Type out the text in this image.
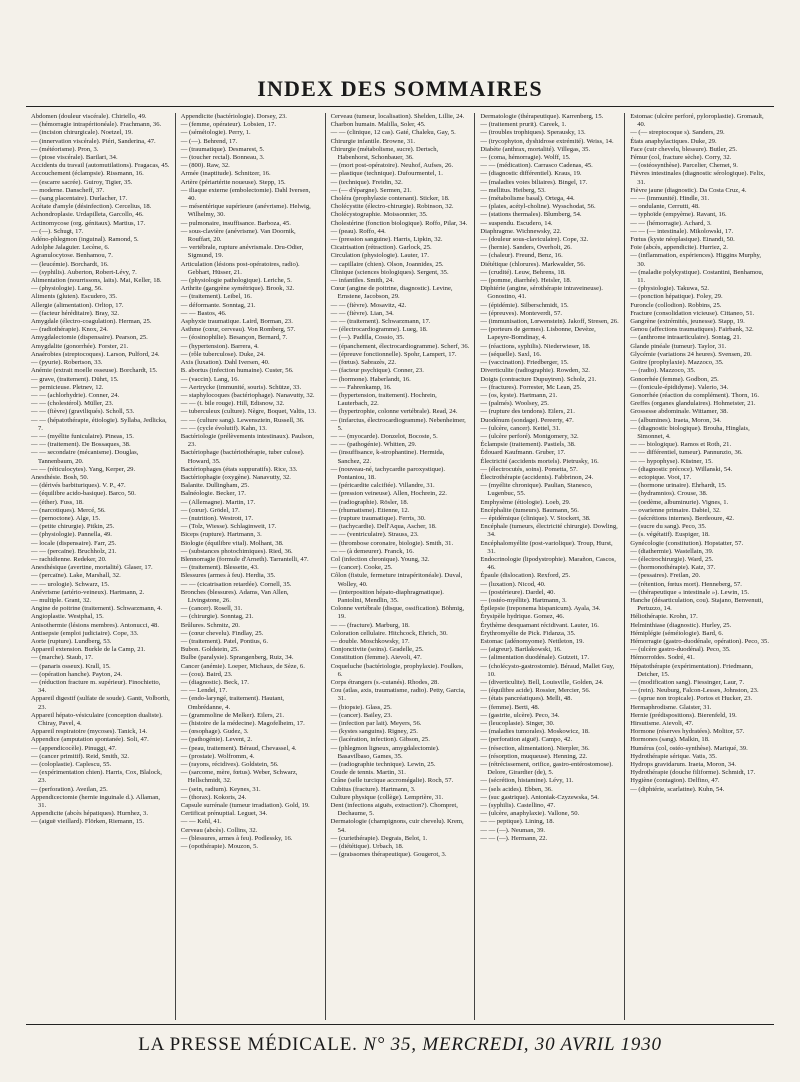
INDEX DES SOMMAIRES

Abdomen (douleur viscérale). Chiriello, 49.

— (hémorragie intrapéritonéale). Frachmann, 36.

— (incision chirurgicale). Noetzel, 19.

— (innervation viscérale). Piéri, Sanderina, 47.

— (météorisme). Pron, 3.

— (ptose viscérale). Barilari, 34.

Accidents du travail (automutilations). Fragacas, 45.

Accouchement (éclampsie). Rissmann, 16.

— (escarre sacrée). Guiroy, Tigier, 35.

— moderne. Danscheff, 37.

— (sang placentaire). Durlacher, 17.

Acétate d'amyle (désinfection). Cercelius, 18.

Achondroplasie. Urdapilleta, Garcollo, 46.

Actinomycose (org. génitaux). Martius, 17.

— (—). Schugt, 17.

Adéno-phlegmon (inguinal). Ramond, 5.

Adolphe Jalaguier. Lecène, 6.

Agranulocytose. Benhamou, 7.

— (leucémie). Borchardt, 16.

— (syphilis). Auberton, Robert-Lévy, 7.

Alimentation (nourrissons, laits). Mai, Keller, 18.

— (physiologie). Lang, 56.

Aliments (gluten). Escudero, 35.

Allergie (alimentation). Orltop, 17.

— (facteur héréditaire). Bray, 32.

Amygdale (électro-coagulation). Herman, 25.

— (radiothérapie). Knox, 24.

Amygdalectomie (dispensaire). Pearson, 25.

Amygdalite (gonorrhée). Forster, 21.

Anaérobies (streptocoques). Larson, Pulford, 24.

— (pyurie). Robertson, 33.

Anémie (extrait moelle osseuse). Borchardt, 15.

— grave, (traitement). Dührt, 15.

— pernicieuse. Pletnev, 12.

— — (achlorhydrie). Conner, 24.

— — (cholestérol). Müller, 23.

— — (fièvre) (graviliqués). Scholl, 53.

— — (hépatothérapie, étiologie). Syllaba, Jedlicka, 7.

— — (myélite funiculaire). Pineas, 15.

— — (traitement). De Bossaques, 38.

— — secondaire (mécanisme). Douglas, Tannenbaum, 20.

— — (réticulocytes). Yang, Kerper, 29.

Anesthésie. Bosh, 50.

— (dérivés barbituriques). V. P., 47.

— (équilibre acido-basique). Barco, 50.

— (éther). Fuss, 18.

— (narcotiques). Mercé, 56.

— (pernoctone). Alge, 15.

— (petite chirurgie). Pitkin, 25.

— (physiologie). Pannella, 49.

— locale (dispensaire). Farr, 25.

— — (percaïne). Bruchholz, 21.

— rachidienne. Redeker, 20.

Anesthésique (avertine, mortalité). Glaser, 17.

— (percaïne). Lake, Marshall, 32.

— — urologie). Schwarz, 15.

Anévrisme (artério-veineux). Hartmann, 2.

— multiple. Grant, 32.

Angine de poitrine (traitement). Schwarzmann, 4.

Angioplastie. Westphal, 15.

Anisothermie (lésions membres). Antonucci, 48.

Antisepsie (emploi judiciaire). Cope, 33.

Aorte (rupture). Lundberg, 53.

Appareil extension. Burkle de la Camp, 21.

— (marche). Staub, 17.

— (panaris osseux). Krall, 15.

— (opération hanche). Payton, 24.

— (réduction fracture m. supérieur). Finochietto, 34.

Appareil digestif (sulfate de soude). Gantt, Volborth, 23.

Appareil hépato-vésiculaire (conception dualiste). Chiray, Pavel, 4.

Appareil respiratoire (mycoses). Tanick, 14.

Appendice (amputation spontanée). Soli, 47.

— (appendicocèle). Pinuggi, 47.

— (cancer primitif). Reid, Smith, 32.

— (coloplastie). Caplescu, 55.

— (expérimentation chien). Harris, Cox, Blalock, 23.

— (perforation). Aveilan, 25.

Appendicectomie (hernie inguinale d.). Allaman, 31.

Appendicite (abcès hépatiques). Hurnhez, 3.

— (aiguë vieillard). Flörken, Riemann, 15.

Appendicite (bactériologie). Dorsey, 23.

— (femme, opérateur). Lobsien, 17.

— (séméiologie). Perry, 1.

— (—). Behrend, 17.

— (traumatique). Desmarest, 5.

— (toucher rectal). Bonneau, 3.

— (800). Raw, 32.

Armée (inaptitude). Schnitzer, 16.

Artère (périartérite noueuse). Stepp, 15.

— iliaque externe (embolectomie). Dahl Iversen, 40.

— mésentérique supérieure (anévrisme). Helwig, Wilhelmy, 30.

— pulmonaire, insuffisance. Barboza, 45.

— sous-clavière (anévrisme). Van Doornik, Rouffart, 20.

— vertébrale, rupture anévrismale. Dru-Odier, Sigmund, 19.

Articulation (lésions post-opératoires, radio). Gebhart, Hüsser, 21.

— (physiologie pathologique). Leriche, 5.

Arthrite (gangrène symétrique). Brook, 32.

— (traitement). Leibel, 16.

— déformante. Sonntag, 21.

— — Bastos, 46.

Asphyxie traumatique. Laird, Borman, 23.

Asthme (cœur, cerveau). Von Romberg, 57.

— (éosinophilie). Besançon, Bernard, 7.

— (hypertension). Barrera, 4.

— (rôle tuberculose). Duke, 24.

Axis (luxation). Dahl Iversen, 40.

B. abortus (infection humaine). Custer, 56.

— (vaccin). Lang, 16.

— Aertrycke (immunité, souris). Schütze, 33.

— staphylocoques (bactériophage). Nanavutty, 32.

— — (t. bile rouge). Hill, Edisnow, 32.

— tuberculeux (culture). Nègre, Boquet, Valtis, 13.

— — (culture sang). Lewensztein, Russell, 36.

— — (cycle évolutif). Kahn, 13.

Bactériologie (prélèvements intestinaux). Paulson, 23.

Bactériophage (bactériothérapie, tuber culose). Howard, 35.

Bactériophages (états suppuratifs). Rice, 33.

Bactériophagie (oxygène). Nanavutty, 32.

Balanite. Dullingham, 25.

Balnéologie. Becker, 17.

— (Allemagne). Martin, 17.

— (cœur). Grödel, 17.

— (nutrition). Westrott, 17.

— (Tolz, Wiesse). Schlaginweit, 17.

Biceps (rupture). Hartmann, 3.

Biologie (équilibre vital). Molhant, 38.

— (substances photochimiques). Ried, 36.

Blennorragie (formule d'Arneth). Tarrantelli, 47.

— (traitement). Blessette, 43.

Blessures (armes à feu). Herdia, 35.

— — (cicatrisation retardée). Cornell, 35.

Bronches (blessures). Adams, Van Allen, Livingstone, 26.

— (cancer). Rosell, 31.

— (chirurgie). Sonntag, 21.

Brûlures. Schmitz, 20.

— (cœur chevelu). Findlay, 25.

— (traitement). Patel, Pontius, 6.

Bubon. Goldstein, 25.

Bulbe (paralysie). Sprangenberg, Ruiz, 34.

Cancer (anémie). Loeper, Michaux, de Sèze, 6.

— (cou). Baird, 23.

— (diagnostic). Beck, 17.

— — Lendel, 17.

— (endo-laryngé, traitement). Hautant, Ombrédanne, 4.

— (grammoline de Melker). Eilers, 21.

— (histoire de la médecine). Magofelheim, 17.

— (œsophage). Gudez, 3.

— (pathogénie). Levent, 2.

— (peau, traitement). Béraud, Chevassel, 4.

— (prostate). Wolfromm, 4.

— (rayons, récidives). Goldstein, 56.

— (sarcome, mère, fœtus). Weber, Schwarz, Hellschmidt, 32.

— (sein, radium). Keynes, 31.

— (thorax). Kokoris, 24.

Capsule surrénale (tumeur irradiation). Gold, 19.

Certificat prénuptial. Leguet, 34.

— — Kehl, 41.

Cerveau (abcès). Collins, 32.

— (blessures, armes à feu). Podlessky, 16.

— (opothérapie). Mouzon, 5.

Cerveau (tumeur, localisation). Shelden, Lillie, 24.

Charbon humain. Malilla, Soler, 45.

— — (clinique, 12 cas). Gaté, Chaleku, Gay, 5.

Chirurgie infantile. Browne, 31.

Chirurgie (métabolisme, sucre). Dertsch, Habenhorst, Schonbauer, 36.

— (mort post-opératoire). Neuhof, Aufses, 26.

— plastique (technique). Dufourmentel, 1.

— (technique). Freidin, 32.

— (— d'épargne). Sermen, 21.

Cholérа (prophylaxie contenant). Sticker, 18.

Cholécystite (électro-chirurgie). Robinson, 32.

Cholécystographie. Moissonnier, 35.

Cholestérine (fonction biologique). Roffo, Pilar, 34.

— (peau). Roffo, 44.

— (pression sanguine). Harris, Lipkin, 32.

Cicatrisation (rétraction). Garlock, 25.

Circulation (physiologie). Lauter, 17.

— capillaire (chien). Olson, Joannides, 25.

Clinique (sciences biologiques). Sergent, 35.

— infantiles. Smith, 24.

Cœur (angine de poitrine, diagnostic). Levine, Ernstene, Jacobson, 29.

— — (fièvre). Mosavitz, 42.

— — (fièvre). Lian, 34.

— — (traitement). Schwarzmann, 17.

— (électrocardiogramme). Lueg, 18.

— (—). Padilla, Cossio, 35.

— (épanchement, électrocardiogramme). Scherf, 36.

— (épreuve fonctionnelle). Spohr, Lampert, 17.

— (fœtus). Sabrazès, 22.

— (facteur psychique). Conner, 23.

— (hormone). Haberlandt, 16.

— — Fahrenkamp, 16.

— (hypertension, traitement). Hochrein, Lauterbach, 22.

— (hypertrophie, colonne vertébrale). Read, 24.

— (infarctus, électrocardiogramme). Nebenheimer, 5.

— — (myocarde). Donzelot, Bocoste, 5.

— — (pathogénie). Whitten, 29.

— (insuffisance, k-strophantine). Hermida, Sanchez, 22.

— (nouveau-né, tachycardie paroxystique). Pontaniou, 18.

— (péricardite calcifiée). Villandre, 31.

— (pression veineuse). Allen, Hochrein, 22.

— (radiographie). Rösler, 18.

— (rhumatisme). Etienne, 12.

— (rupture traumatique). Ferris, 30.

— (tachycardie). Dell'Aqua, Ascher, 18.

— — (ventriculaire). Strauss, 23.

— (thrombose coronaire, biologie). Smith, 31.

— — (à demeurer). Franck, 16.

Col (infection chronique). Young, 32.

— (cancer). Cooke, 25.

Côlon (fistule, fermeture intrapéritonéale). Duval, Wolley, 40.

— (interposition hépato-diaphragmatique). Pantolini, Mendlin, 35.

Colonne vertébrale (disque, ossification). Böhmig, 19.

— — (fracture). Marburg, 18.

Coloration cellulaire. Hitchcock, Ehrich, 30.

— double. Moschkowsky, 17.

Conjonctivite (soins). Gradelle, 25.

Constitution (femme). Aievoli, 47.

Coqueluche (bactériologie, prophylaxie). Foulkes, 6.

Corps étrangers (s.-cutanés). Rhodes, 28.

Cou (atlas, axis, traumatisme, radio). Petty, Garcia, 31.

— (biopsie). Glass, 25.

— (cancer). Bailey, 23.

— (infection par lait). Meyers, 56.

— (kystes sanguins). Rigney, 25.

— (lacération, infection). Gibson, 25.

— (phlegmon ligneux, amygdalectomie). Basavilbaso, Games, 35.

— (radiographie technique). Lewin, 25.

Coude de tennis. Martin, 31.

Crâne (selle turcique accromégalie). Roch, 57.

Cubitus (fracture). Hartmann, 3.

Culture physique (collège). Lemprière, 31.

Dent (infections aiguës, extraction?). Chompret, Dechaume, 5.

Dermatologie (champignons, cuir chevelu). Krem, 54.

— (curiethérapie). Degrais, Belot, 1.

— (diététique). Urbach, 18.

— (graissomes thérapeutique). Gougerot, 3.

Dermatologie (thérapeutique). Karrenberg, 15.

— (traitement prurit). Careek, 1.

— (troubles trophiques). Sperausky, 13.

— (trycophyton, dyshidrose extrémité). Weiss, 14.

Diabète (anthrax, mortalité). Villegas, 35.

— (coma, hémorragie). Wolff, 15.

— — (médication). Carrasco Cadenas, 45.

— (diagnostic différentiel). Kraus, 19.

— (maladies voies biliaires). Bingel, 17.

— mellitus. Heiberg, 53.

— (métabolisme basal). Ortega, 44.

— (plaies, acétyl-choline). Wysschodat, 56.

— (stations thermales). Blumberg, 54.

— suspendu. Escudero, 14.

Diaphragme. Wichnewsky, 22.

— (douleur sous-claviculaire). Cope, 32.

— (hernie). Sanders, Overholt, 26.

— (chaleur). Freund, Benz, 16.

Diététique (chlorures). Markwalder, 56.

— (crudité). Leuw, Behrens, 18.

— (pomme, diarrhée). Heisler, 18.

Diphtérie (angine, sérothérapie intraveineuse). Gonostino, 41.

— (épidémie). Silberschmidt, 15.

— (épreuves). Monteverdi, 57.

— (immunisation, Lœwenstein). Jakoff, Stresen, 26.

— (porteurs de germes). Lisbonne, Devèze, Lapeyre-Bomdinay, 4.

— (réactions, syphilis). Niederwieser, 18.

— (séquelle). Saxl, 16.

— (vaccination). Friedberger, 15.

Diverticulite (radiographie). Rowden, 32.

Doigts (contracture Dupuytren). Scholz, 21.

— (fractures). Forrester, Mc Lean, 25.

— (os, kyste). Hartmann, 21.

— (palmés). Woolsey, 25.

— (rupture des tendons). Eilers, 21.

Duodénum (sondage). Pereerty, 47.

— (ulcère, cancer). Kettel, 31.

— (ulcère perforé). Montgomery, 32.

Éclampsie (traitement). Pastiels, 38.

Édouard Kaufmann. Gruber, 17.

Électricité (accidents mortels). Pietrusky, 16.

— (électrocutés, soins). Pometta, 57.

Électrothérapie (accidents). Fabbrinon, 24.

— (myélite chronique). Paulian, Stanesco, Lugenbuc, 55.

Emphysème (étiologie). Loeb, 29.

Encéphalite (tumeurs). Baumann, 56.

— épidémique (clinique). V. Stockert, 38.

Encéphale (tumeurs, électricité chirurgie). Dowling, 34.

Encéphalomyélite (post-variolique). Troup, Hurst, 31.

Endocrinologie (lipodystrophie). Marañon, Cascos, 46.

Épaule (dislocation). Rexford, 25.

— (luxation). Nicod, 40.

— (postérieure). Dardel, 40.

— (ostéo-myélite). Hartmann, 3.

Épilepsie (treponema hispanicum). Ayala, 34.

Érysipèle hydrique. Gomez, 46.

Érythème desquamant récidivant. Lauter, 16.

Érythromyélie de Pick. Fidanza, 35.

Estomac (adénomyome). Nettleton, 19.

— (aigreur). Bartlakowski, 16.

— (alimentation duodénale). Gutzeit, 17.

— (cholécysto-gastrostomie). Béraud, Mallet Guy, 10.

— (diverticulite). Bell, Louisville, Golden, 24.

— (équilibre acide). Rossier, Mercier, 56.

— (états pancréatiques). Melli, 48.

— (femme). Berti, 48.

— (gastrite, ulcère). Peco, 34.

— (leucoplasie). Singer, 30.

— (maladies tumorales). Moskowicz, 18.

— (perforation aiguë). Campo, 42.

— (résection, alimentation). Nierpler, 36.

— (résorption, muqueuse). Henning, 22.

— (rétrécissement, orifice, gastro-entérostomose). Delore, Girardier (de), 5.

— (sécrétion, histamine). Lévy, 11.

— (sels acides). Ebben, 36.

— (suc gastrique). Antoniak-Czyzewska, 54.

— (syphilis). Castellino, 47.

— (ulcère, anaphylaxie). Vallone, 50.

— — peptique). Lining, 18.

— — (—). Neuman, 39.

— — (—). Hermann, 22.

Estomac (ulcère perforé, pyloroplastie). Gromault, 40.

— (— streptocoque s). Sanders, 29.

États anaphylactiques. Duke, 29.

Face (cuir chevelu, blessure). Butler, 25.

Fémur (col, fracture sèche). Corry, 32.

— (ostéosynthèse). Parcelier, Chemet, 9.

Fièvres intestinales (diagnostic sérologique). Felix, 31.

Fièvre jaune (diagnostic). Da Costa Cruz, 4.

— — (immunité). Hindle, 31.

— ondulante, Cerrutti, 48.

— typhoïde (empyème). Ravant, 16.

— — (hémorragie). Achard, 3.

— — (— intestinale). Mikolowski, 17.

Fœtus (kyste néoplasique). Einandi, 50.

Foie (abcès, appendicite). Hurriez, 2.

— (inflammation, expériences). Higgins Murphy, 30.

— (maladie polykystique). Costantini, Benhamou, 11.

— (physiologie). Takuwa, 52.

— (ponction hépatique). Foley, 29.

Furoncle (collodion). Robbins, 25.

Fracture (consolidation vicieuse). Cittaneo, 51.

Gangrène (extrémités, jeunesse). Stapp, 19.

Genou (affections traumatiques). Fairbank, 32.

— (anthrome intraarticulaire). Sontag, 21.

Glande pinéale (tumeur). Taylor, 31.

Glycémie (variations 24 heures). Svensen, 20.

Goitre (prophylaxie). Mazzoco, 35.

— (radio). Mazzoco, 35.

Gonorrhée (femme). Godbon, 25.

— (fonicule-épididyme). Valerio, 34.

Gonorrhée (réaction du complément). Thorn, 16.

Greffes (organes glandulaires). Hohmeister, 21.

Grossesse abdominale. Wittamer, 38.

— (albumines). Iraeta, Moron, 34.

— (diagnostic biologique). Brouha, Hinglais, Simonnet, 4.

— — biologique). Ramos et Roth, 21.

— — différentiel, tumeur). Pannunzio, 36.

— — hypophyse). Küstner, 15.

— (diagnostic précoce). Willanski, 54.

— ectopique. Voot, 17.

— (hormone urinaire). Ehrhardt, 15.

— (hydramnios). Crouse, 38.

— (oedème, albuminurie). Vignes, 1.

— ovarienne primaire. Dabiel, 32.

— (sécrétions internes). Berdeoure, 42.

— (sucre du sang). Peco, 35.

— (s. végétatif). Euspiger, 18.

Gynécologie (constitution). Hopstatter, 57.

— (diathermie). Wastellain, 39.

— (électrochirurgie). Ward, 25.

— (hormonothérapie). Katz, 37.

— (pessaires). Freilan, 20.

— (rétention, fœtus mort). Henneberg, 57.

— (thérapeutique « intestinale »). Lewin, 15.

Hanche (désarticulation, cou). Stajano, Benvenuti, Pertuzzo, 14.

Héliothérapie. Krohn, 17.

Helminthiase (diagnostic). Hurley, 25.

Hémiplégie (séméiologie). Bard, 6.

Hémorragie (gastro-duodénale, opération). Peco, 35.

— (ulcère gastro-duodénal). Peco, 35.

Hémorroïdes. Sodré, 41.

Hépatothérapie (expérimentation). Friedmann, Deicher, 15.

— (modification sang). Fiessinger, Laur, 7.

— (rein). Neuburg, Falcon-Lesses, Johnston, 23.

— (sprue non tropicale). Portos et Hucker, 23.

Hermaphrodisme. Glaister, 31.

Hernie (prédispositions). Bierenfeld, 19.

Hirsutisme. Aievoli, 47.

Hormone (réserves hydratées). Molitor, 57.

Hormones (sang). Malkin, 18.

Humérus (col, ostéo-synthèse). Mariqué, 39.

Hydrothérapie sérique. Vatis, 35.

Hydrops gravidarum. Iraeta, Moron, 34.

Hydrothérapie (douche filiforme). Schmidt, 17.

Hygiène (contagion). Delfino, 47.

— (diphtérie, scarlatine). Kuhn, 54.

LA PRESSE MÉDICALE. N° 35, MERCREDI, 30 AVRIL 1930
